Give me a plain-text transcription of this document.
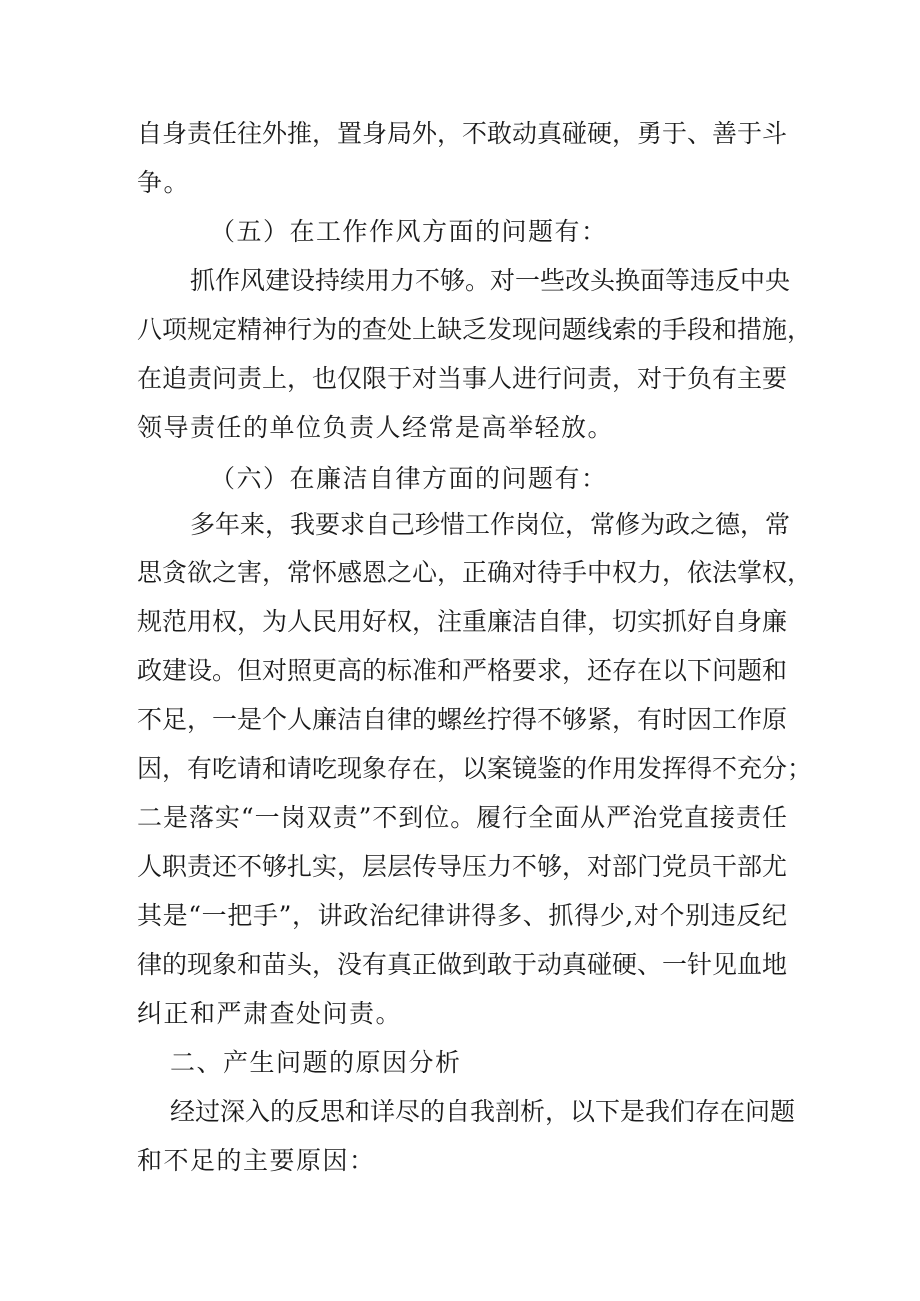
自身责任往外推，置身局外，不敢动真碰硬，勇于、善于斗
争。
（五）在工作作风方面的问题有：
抓作风建设持续用力不够。对一些改头换面等违反中央
八项规定精神行为的查处上缺乏发现问题线索的手段和措施，
在追责问责上，也仅限于对当事人进行问责，对于负有主要
领导责任的单位负责人经常是高举轻放。
（六）在廉洁自律方面的问题有：
多年来，我要求自己珍惜工作岗位，常修为政之德，常
思贪欲之害，常怀感恩之心，正确对待手中权力，依法掌权，
规范用权，为人民用好权，注重廉洁自律，切实抓好自身廉
政建设。但对照更高的标准和严格要求，还存在以下问题和
不足，一是个人廉洁自律的螺丝拧得不够紧，有时因工作原
因，有吃请和请吃现象存在，以案镜鉴的作用发挥得不充分；
二是落实“一岗双责”不到位。履行全面从严治党直接责任
人职责还不够扎实，层层传导压力不够，对部门党员干部尤
其是“一把手”，讲政治纪律讲得多、抓得少,对个别违反纪
律的现象和苗头，没有真正做到敢于动真碰硬、一针见血地
纠正和严肃查处问责。
二、产生问题的原因分析
经过深入的反思和详尽的自我剖析，以下是我们存在问题
和不足的主要原因：
